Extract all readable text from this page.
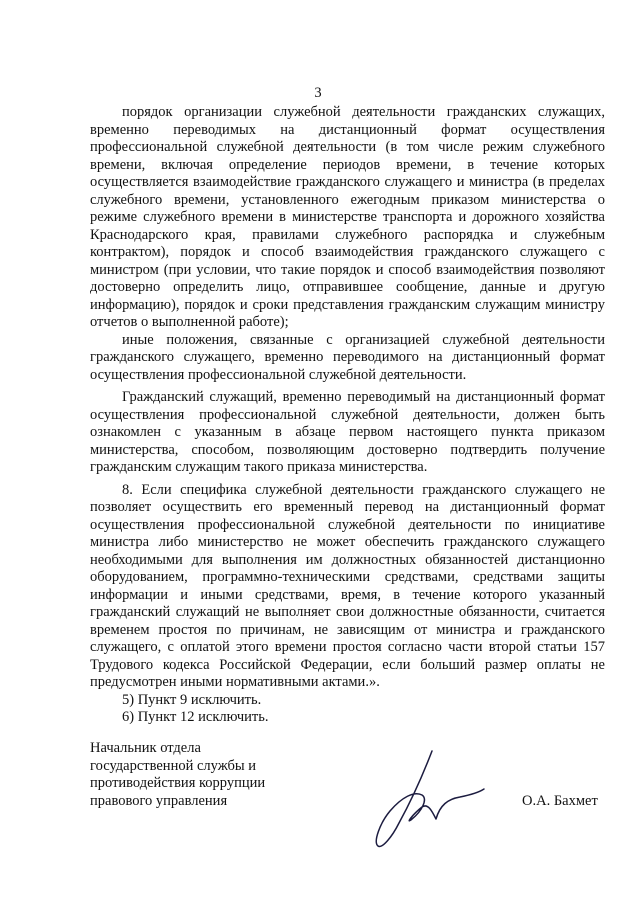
3

порядок организации служебной деятельности гражданских служащих, временно переводимых на дистанционный формат осуществления профессиональной служебной деятельности (в том числе режим служебного времени, включая определение периодов времени, в течение которых осуществляется взаимодействие гражданского служащего и министра (в пределах служебного времени, установленного ежегодным приказом министерства о режиме служебного времени в министерстве транспорта и дорожного хозяйства Краснодарского края, правилами служебного распорядка и служебным контрактом), порядок и способ взаимодействия гражданского служащего с министром (при условии, что такие порядок и способ взаимодействия позволяют достоверно определить лицо, отправившее сообщение, данные и другую информацию), порядок и сроки представления гражданским служащим министру отчетов о выполненной работе);

иные положения, связанные с организацией служебной деятельности гражданского служащего, временно переводимого на дистанционный формат осуществления профессиональной служебной деятельности.

Гражданский служащий, временно переводимый на дистанционный формат осуществления профессиональной служебной деятельности, должен быть ознакомлен с указанным в абзаце первом настоящего пункта приказом министерства, способом, позволяющим достоверно подтвердить получение гражданским служащим такого приказа министерства.

8. Если специфика служебной деятельности гражданского служащего не позволяет осуществить его временный перевод на дистанционный формат осуществления профессиональной служебной деятельности по инициативе министра либо министерство не может обеспечить гражданского служащего необходимыми для выполнения им должностных обязанностей дистанционно оборудованием, программно-техническими средствами, средствами защиты информации и иными средствами, время, в течение которого указанный гражданский служащий не выполняет свои должностные обязанности, считается временем простоя по причинам, не зависящим от министра и гражданского служащего, с оплатой этого времени простоя согласно части второй статьи 157 Трудового кодекса Российской Федерации, если больший размер оплаты не предусмотрен иными нормативными актами.».

5) Пункт 9 исключить.

6) Пункт 12 исключить.

Начальник отдела
государственной службы и
противодействия коррупции
правового управления	О.А. Бахмет
